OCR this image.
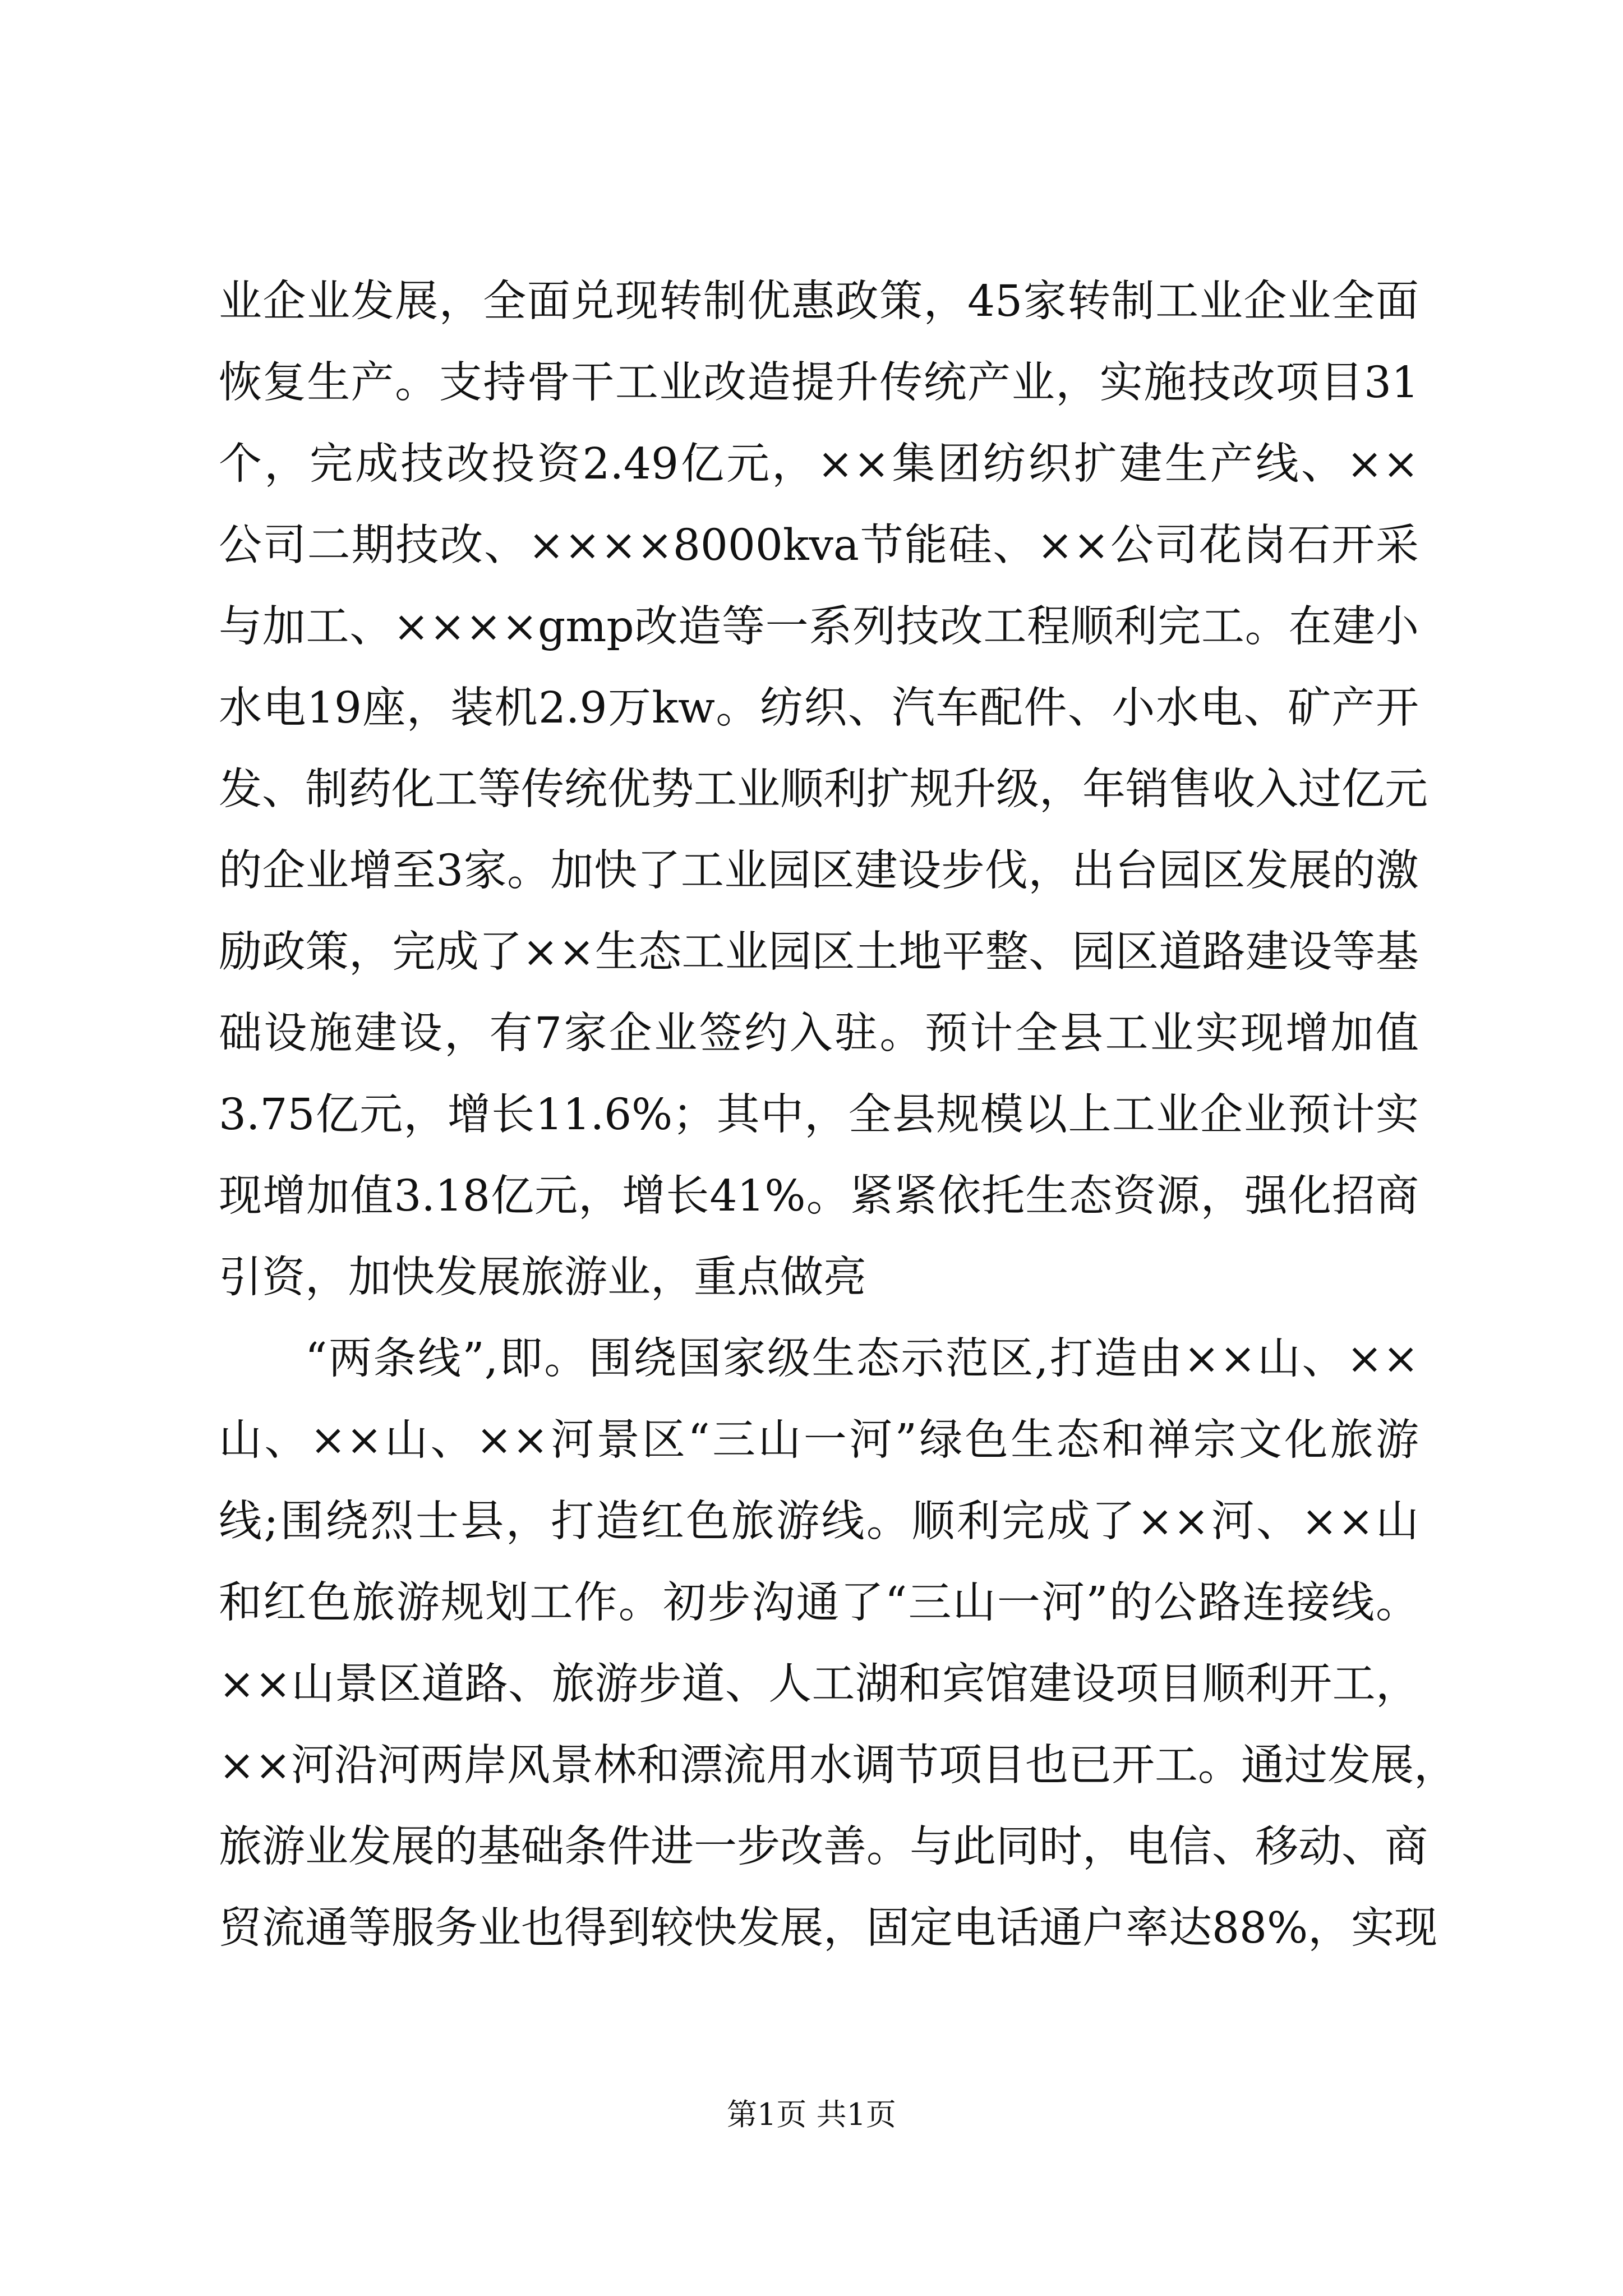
业企业发展，全面兑现转制优惠政策，45家转制工业企业全面
恢复生产。支持骨干工业改造提升传统产业，实施技改项目31
个，完成技改投资2.49亿元，××集团纺织扩建生产线、××
公司二期技改、××××8000kva节能硅、××公司花岗石开采
与加工、××××gmp改造等一系列技改工程顺利完工。在建小
水电19座，装机2.9万kw。纺织、汽车配件、小水电、矿产开
发、制药化工等传统优势工业顺利扩规升级，年销售收入过亿元
的企业增至3家。加快了工业园区建设步伐，出台园区发展的激
励政策，完成了××生态工业园区土地平整、园区道路建设等基
础设施建设，有7家企业签约入驻。预计全县工业实现增加值
3.75亿元，增长11.6%；其中，全县规模以上工业企业预计实
现增加值3.18亿元，增长41%。紧紧依托生态资源，强化招商
引资，加快发展旅游业，重点做亮
“两条线”,即。围绕国家级生态示范区,打造由××山、××
山、××山、××河景区“三山一河”绿色生态和禅宗文化旅游
线;围绕烈士县，打造红色旅游线。顺利完成了××河、××山
和红色旅游规划工作。初步沟通了“三山一河”的公路连接线。
××山景区道路、旅游步道、人工湖和宾馆建设项目顺利开工，
××河沿河两岸风景林和漂流用水调节项目也已开工。通过发展，
旅游业发展的基础条件进一步改善。与此同时，电信、移动、商
贸流通等服务业也得到较快发展，固定电话通户率达88%，实现
第1页 共1页
